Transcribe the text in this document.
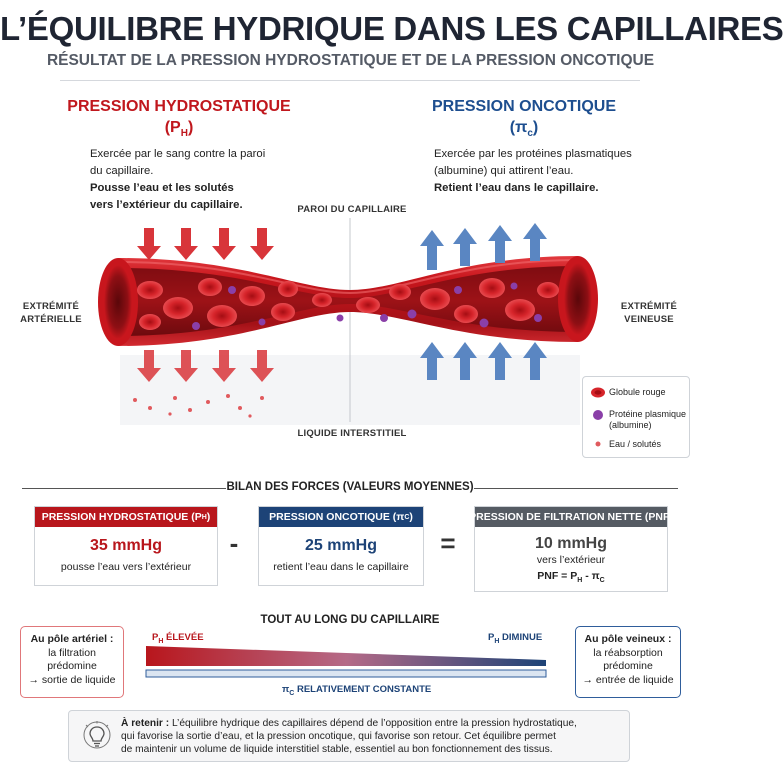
L’ÉQUILIBRE HYDRIQUE DANS LES CAPILLAIRES
RÉSULTAT DE LA PRESSION HYDROSTATIQUE ET DE LA PRESSION ONCOTIQUE
PRESSION HYDROSTATIQUE
$(P_H)$
Exercée par le sang contre la paroi
du capillaire.
Pousse l’eau et les solutés
vers l’extérieur du capillaire.
PRESSION ONCOTIQUE
$(\pi_c)$
Exercée par les protéines plasmatiques
(albumine) qui attirent l’eau.
Retient l’eau dans le capillaire.
PAROI DU CAPILLAIRE
LIQUIDE INTERSTITIEL
EXTRÉMITÉ
ARTÉRIELLE
EXTRÉMITÉ
VEINEUSE
Globule rouge
Protéine plasmique
(albumine)
Eau / solutés
BILAN DES FORCES (VALEURS MOYENNES)
PRESSION HYDROSTATIQUE (P H )
35 mmHg
pousse l’eau vers l’extérieur
-
PRESSION ONCOTIQUE (π C )
25 mmHg
retient l’eau dans le capillaire
=
PRESSION DE FILTRATION NETTE (PNF)
10 mmHg
vers l’extérieur
PNF = $P_H - \pi_C$
TOUT AU LONG DU CAPILLAIRE
Au pôle artériel :
la filtration
prédomine
→ sortie de liquide
Au pôle veineux :
la réabsorption
prédomine
→ entrée de liquide
$P_H$ ÉLEVÉE	$P_H$ DIMINUE
$\pi_C$ RELATIVEMENT CONSTANTE
À retenir : L’équilibre hydrique des capillaires dépend de l’opposition entre la pression hydrostatique,
qui favorise la sortie d’eau, et la pression oncotique, qui favorise son retour. Cet équilibre permet
de maintenir un volume de liquide interstitiel stable, essentiel au bon fonctionnement des tissus.
